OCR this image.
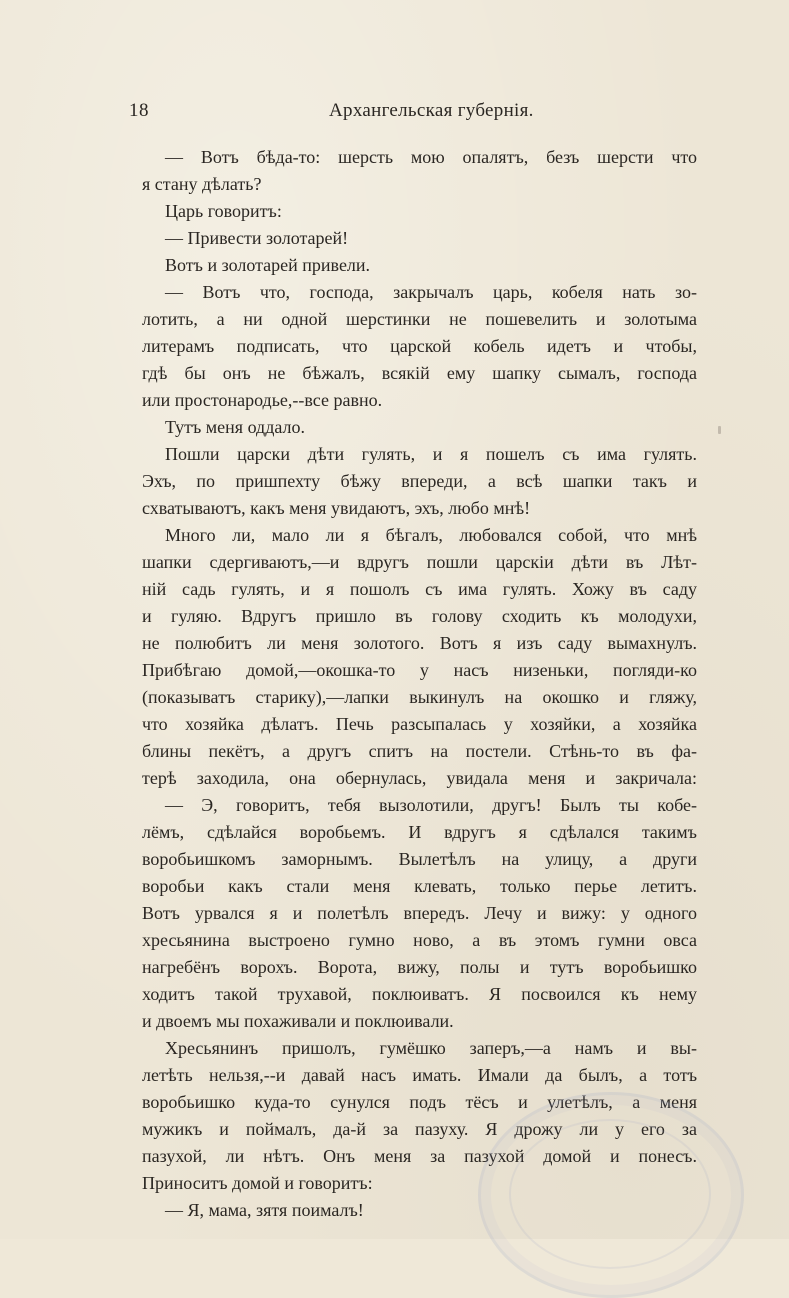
18	Архангельская губернія.
— Вотъ бѣда-то: шерсть мою опалятъ, безъ шерсти что
я стану дѣлать?
Царь говоритъ:
— Привести золотарей!
Вотъ и золотарей привели.
— Вотъ что, господа, закрычалъ царь, кобеля нать зо-
лотить, а ни одной шерстинки не пошевелить и золотыма
литерамъ подписать, что царской кобель идетъ и чтобы,
гдѣ бы онъ не бѣжалъ, всякій ему шапку сымалъ, господа
или простонародье,--все равно.
Тутъ меня оддало.
Пошли царски дѣти гулять, и я пошелъ съ има гулять.
Эхъ, по пришпехту бѣжу впереди, а всѣ шапки такъ и
схватываютъ, какъ меня увидаютъ, эхъ, любо мнѣ!
Много ли, мало ли я бѣгалъ, любовался собой, что мнѣ
шапки сдергиваютъ,—и вдругъ пошли царскіи дѣти въ Лѣт-
ній садь гулять, и я пошолъ съ има гулять. Хожу въ саду
и гуляю. Вдругъ пришло въ голову сходить къ молодухи,
не полюбитъ ли меня золотого. Вотъ я изъ саду вымахнулъ.
Прибѣгаю домой,—окошка-то у насъ низеньки, погляди-ко
(показыватъ старику),—лапки выкинулъ на окошко и гляжу,
что хозяйка дѣлатъ. Печь разсыпалась у хозяйки, а хозяйка
блины пекётъ, а другъ спитъ на постели. Стѣнь-то въ фа-
терѣ заходила, она обернулась, увидала меня и закричала:
— Э, говоритъ, тебя вызолотили, другъ! Былъ ты кобе-
лёмъ, сдѣлайся воробьемъ. И вдругъ я сдѣлался такимъ
воробьишкомъ заморнымъ. Вылетѣлъ на улицу, а други
воробьи какъ стали меня клевать, только перье летитъ.
Вотъ урвался я и полетѣлъ впередъ. Лечу и вижу: у одного
хресьянина выстроено гумно ново, а въ этомъ гумни овса
нагребёнъ ворохъ. Ворота, вижу, полы и тутъ воробьишко
ходитъ такой трухавой, поклюиватъ. Я посвоился къ нему
и двоемъ мы похаживали и поклюивали.
Хресьянинъ пришолъ, гумёшко заперъ,—а намъ и вы-
летѣть нельзя,--и давай насъ имать. Имали да былъ, а тотъ
воробьишко куда-то сунулся подъ тёсъ и улетѣлъ, а меня
мужикъ и поймалъ, да-й за пазуху. Я дрожу ли у его за
пазухой, ли нѣтъ. Онъ меня за пазухой домой и понесъ.
Приноситъ домой и говоритъ:
— Я, мама, зятя поималъ!
